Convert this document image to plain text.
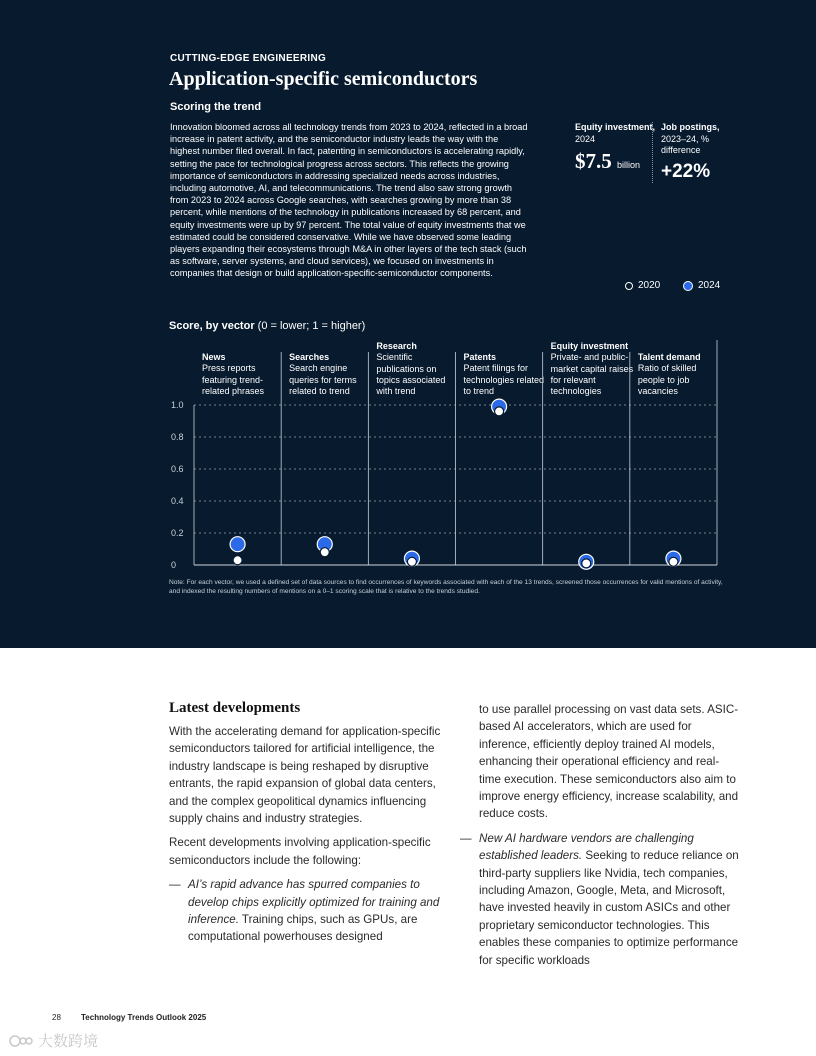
CUTTING-EDGE ENGINEERING
Application-specific semiconductors
Scoring the trend
Innovation bloomed across all technology trends from 2023 to 2024, reflected in a broad increase in patent activity, and the semiconductor industry leads the way with the highest number filed overall. In fact, patenting in semiconductors is accelerating rapidly, setting the pace for technological progress across sectors. This reflects the growing importance of semiconductors in addressing specialized needs across industries, including automotive, AI, and telecommunications. The trend also saw strong growth from 2023 to 2024 across Google searches, with searches growing by more than 38 percent, while mentions of the technology in publications increased by 68 percent, and equity investments were up by 97 percent. The total value of equity investments that we estimated could be considered conservative. While we have observed some leading players expanding their ecosystems through M&A in other layers of the tech stack (such as software, server systems, and cloud services), we focused on investments in companies that design or build application-specific-semiconductor components.
Equity investment,
2024
$7.5 billion
Job postings,
2023–24, % difference
+22%
2020	2024
Score, by vector (0 = lower; 1 = higher)
News
Press reports featuring trend-related phrases
Searches
Search engine queries for terms related to trend
Research
Scientific publications on topics associated with trend
Patents
Patent filings for technologies related to trend
Equity investment
Private- and public-market capital raises for relevant technologies
Talent demand
Ratio of skilled people to job vacancies
0
0.2
0.4
0.6
0.8
1.0
Note: For each vector, we used a defined set of data sources to find occurrences of keywords associated with each of the 13 trends, screened those occurrences for valid mentions of activity, and indexed the resulting numbers of mentions on a 0–1 scoring scale that is relative to the trends studied.
Latest developments

With the accelerating demand for application-specific semiconductors tailored for artificial intelligence, the industry landscape is being reshaped by disruptive entrants, the rapid expansion of global data centers, and the complex geopolitical dynamics influencing supply chains and industry strategies.

Recent developments involving application-specific semiconductors include the following:

— AI’s rapid advance has spurred companies to develop chips explicitly optimized for training and inference. Training chips, such as GPUs, are computational powerhouses designed

to use parallel processing on vast data sets. ASIC-based AI accelerators, which are used for inference, efficiently deploy trained AI models, enhancing their operational efficiency and real-time execution. These semiconductors also aim to improve energy efficiency, increase scalability, and reduce costs.

— New AI hardware vendors are challenging established leaders. Seeking to reduce reliance on third-party suppliers like Nvidia, tech companies, including Amazon, Google, Meta, and Microsoft, have invested heavily in custom ASICs and other proprietary semiconductor technologies. This enables these companies to optimize performance for specific workloads
28	Technology Trends Outlook 2025
大数跨境
